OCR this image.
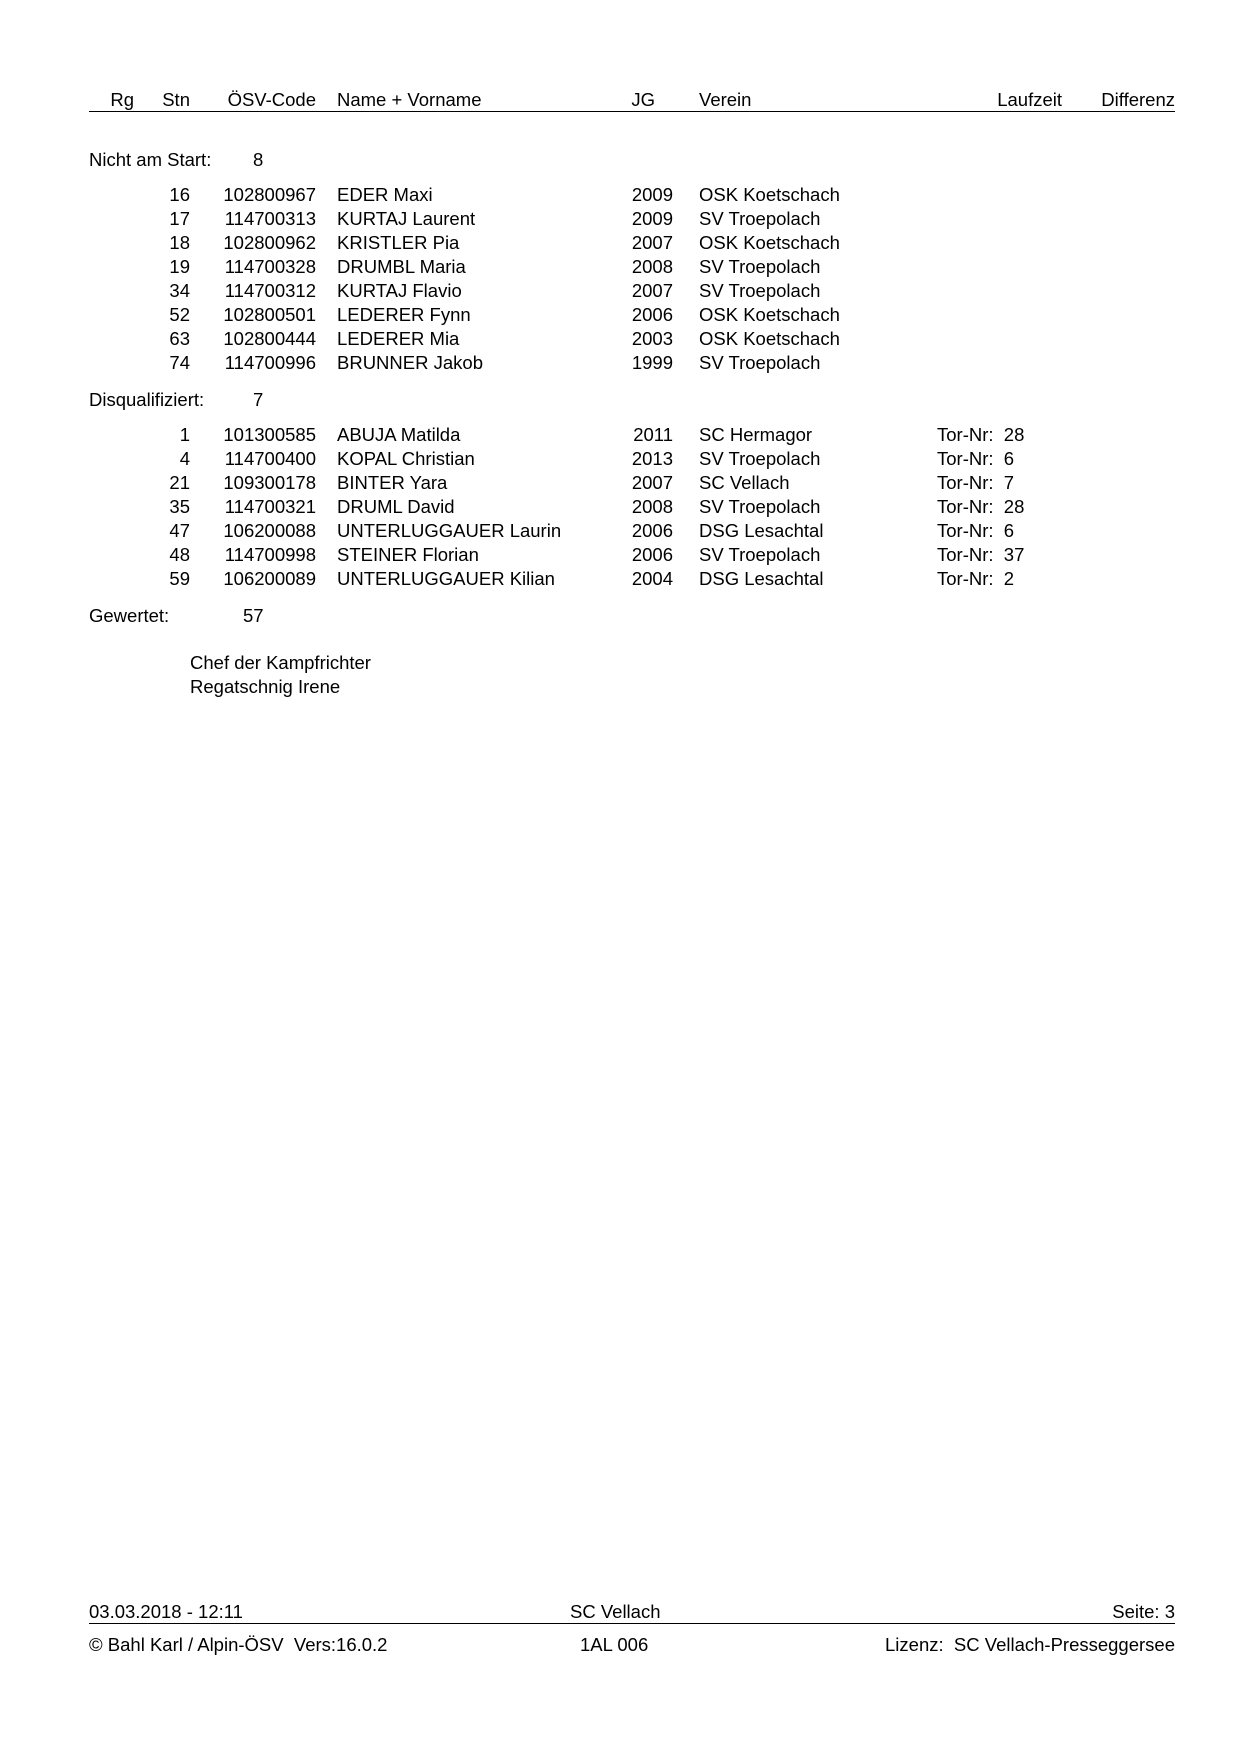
Rg	Stn	ÖSV-Code Name + Vorname	JG Verein	Laufzeit	Differenz
Nicht am Start: 8
16 102800967 EDER Maxi	2009 OSK Koetschach
17 114700313 KURTAJ Laurent	2009 SV Troepolach
18 102800962 KRISTLER Pia	2007 OSK Koetschach
19 114700328 DRUMBL Maria	2008 SV Troepolach
34 114700312 KURTAJ Flavio	2007 SV Troepolach
52 102800501 LEDERER Fynn	2006 OSK Koetschach
63 102800444 LEDERER Mia	2003 OSK Koetschach
74 114700996 BRUNNER Jakob	1999 SV Troepolach
Disqualifiziert:	7
1 101300585 ABUJA Matilda	2011 SC Hermagor	Tor-Nr:  28
4 114700400 KOPAL Christian	2013 SV Troepolach	Tor-Nr:  6
21 109300178 BINTER Yara	2007 SC Vellach	Tor-Nr:  7
35 114700321 DRUML David	2008 SV Troepolach	Tor-Nr:  28
47 106200088 UNTERLUGGAUER Laurin	2006 DSG Lesachtal	Tor-Nr:  6
48 114700998 STEINER Florian	2006 SV Troepolach	Tor-Nr:  37
59 106200089 UNTERLUGGAUER Kilian	2004 DSG Lesachtal	Tor-Nr:  2
Gewertet:	57
Chef der Kampfrichter
Regatschnig Irene
03.03.2018 - 12:11	SC Vellach	Seite: 3
© Bahl Karl / Alpin-ÖSV  Vers:16.0.2	1AL 006	Lizenz:  SC Vellach-Presseggersee
